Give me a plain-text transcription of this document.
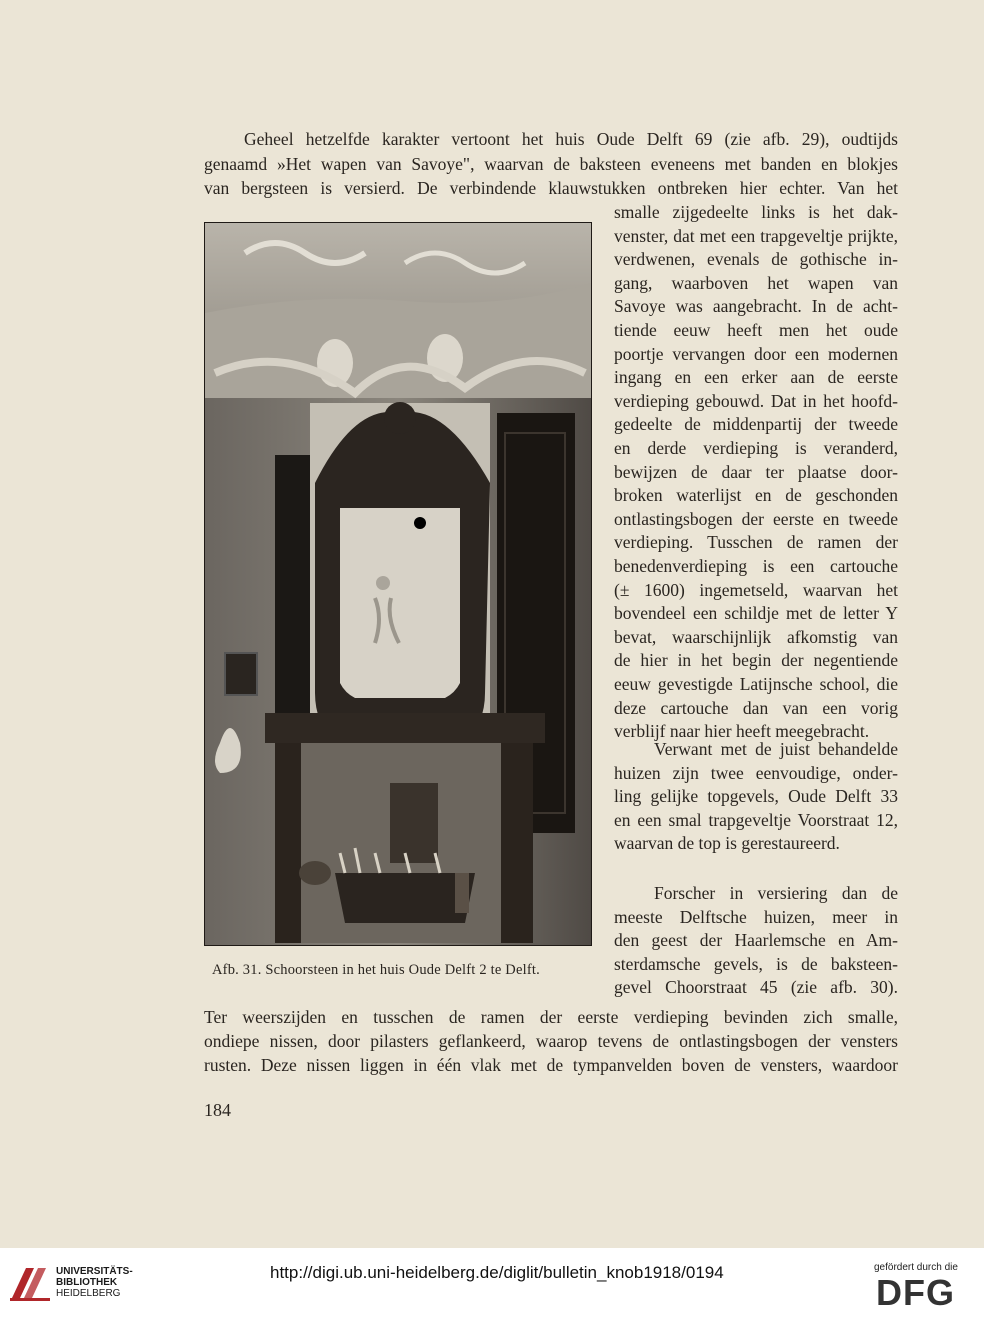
Geheel hetzelfde karakter vertoont het huis Oude Delft 69 (zie afb. 29), oudtijds
genaamd »Het wapen van Savoye", waarvan de baksteen eveneens met banden en blokjes
van bergsteen is versierd. De verbindende klauwstukken ontbreken hier echter. Van het
smalle zijgedeelte links is het dak-
venster, dat met een trapgeveltje prijkte,
verdwenen, evenals de gothische in-
gang, waarboven het wapen van
Savoye was aangebracht. In de acht-
tiende eeuw heeft men het oude
poortje vervangen door een modernen
ingang en een erker aan de eerste
verdieping gebouwd. Dat in het hoofd-
gedeelte de middenpartij der tweede
en derde verdieping is veranderd,
bewijzen de daar ter plaatse door-
broken waterlijst en de geschonden
ontlastingsbogen der eerste en tweede
verdieping. Tusschen de ramen der
benedenverdieping is een cartouche
(± 1600) ingemetseld, waarvan het
bovendeel een schildje met de letter Y
bevat, waarschijnlijk afkomstig van
de hier in het begin der negentiende
eeuw gevestigde Latijnsche school, die
deze cartouche dan van een vorig
verblijf naar hier heeft meegebracht.
Afb. 31. Schoorsteen in het huis Oude Delft 2 te Delft.
Verwant met de juist behandelde
huizen zijn twee eenvoudige, onder-
ling gelijke topgevels, Oude Delft 33
en een smal trapgeveltje Voorstraat 12,
waarvan de top is gerestaureerd.
Forscher in versiering dan de
meeste Delftsche huizen, meer in
den geest der Haarlemsche en Am-
sterdamsche gevels, is de baksteen-
gevel Choorstraat 45 (zie afb. 30).
Ter weerszijden en tusschen de ramen der eerste verdieping bevinden zich smalle,
ondiepe nissen, door pilasters geflankeerd, waarop tevens de ontlastingsbogen der vensters
rusten. Deze nissen liggen in één vlak met de tympanvelden boven de vensters, waardoor
184
UNIVERSITÄTS-
BIBLIOTHEK
HEIDELBERG
http://digi.ub.uni-heidelberg.de/diglit/bulletin_knob1918/0194	gefördert durch die
DFG
